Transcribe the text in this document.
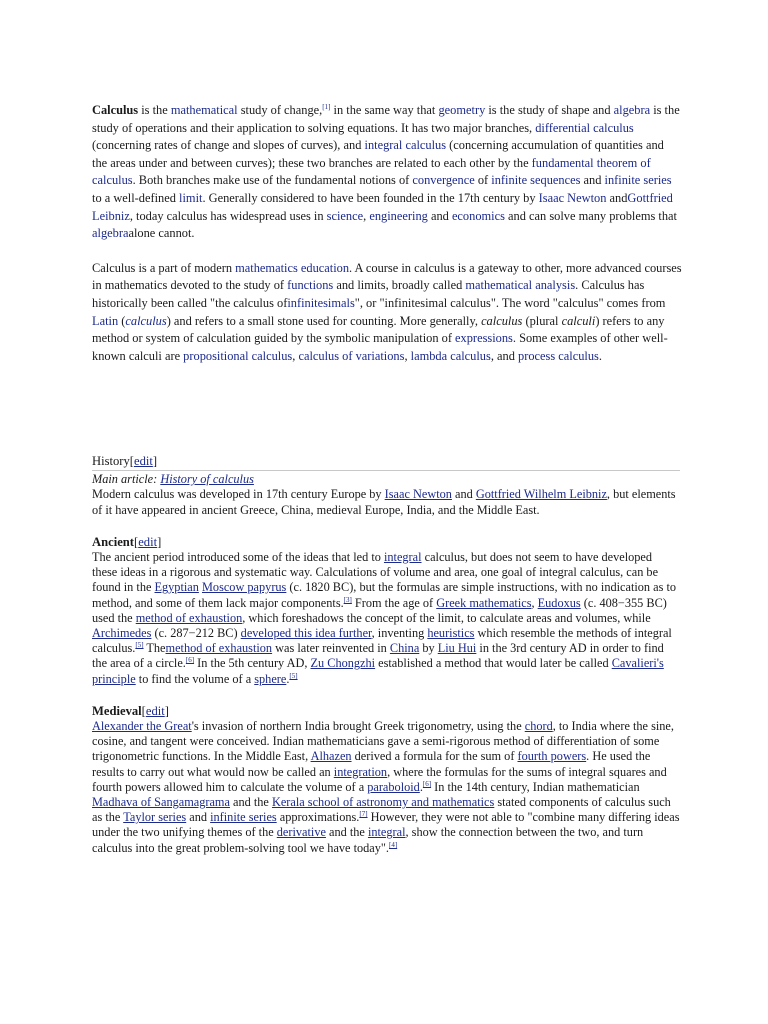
Calculus is the mathematical study of change,[1] in the same way that geometry is the study of shape and algebra is the study of operations and their application to solving equations. It has two major branches, differential calculus (concerning rates of change and slopes of curves), and integral calculus (concerning accumulation of quantities and the areas under and between curves); these two branches are related to each other by the fundamental theorem of calculus. Both branches make use of the fundamental notions of convergence of infinite sequences and infinite series to a well-defined limit. Generally considered to have been founded in the 17th century by Isaac Newton andGottfried Leibniz, today calculus has widespread uses in science, engineering and economics and can solve many problems that algebraalone cannot.

Calculus is a part of modern mathematics education. A course in calculus is a gateway to other, more advanced courses in mathematics devoted to the study of functions and limits, broadly called mathematical analysis. Calculus has historically been called "the calculus ofinfinitesimals", or "infinitesimal calculus". The word "calculus" comes from Latin (calculus) and refers to a small stone used for counting. More generally, calculus (plural calculi) refers to any method or system of calculation guided by the symbolic manipulation of expressions. Some examples of other well-known calculi are propositional calculus, calculus of variations, lambda calculus, and process calculus.

History[edit]
Main article: History of calculus

Modern calculus was developed in 17th century Europe by Isaac Newton and Gottfried Wilhelm Leibniz, but elements of it have appeared in ancient Greece, China, medieval Europe, India, and the Middle East.

Ancient[edit]

The ancient period introduced some of the ideas that led to integral calculus, but does not seem to have developed these ideas in a rigorous and systematic way. Calculations of volume and area, one goal of integral calculus, can be found in the Egyptian Moscow papyrus (c. 1820 BC), but the formulas are simple instructions, with no indication as to method, and some of them lack major components.[3] From the age of Greek mathematics, Eudoxus (c. 408−355 BC) used the method of exhaustion, which foreshadows the concept of the limit, to calculate areas and volumes, while Archimedes (c. 287−212 BC) developed this idea further, inventing heuristics which resemble the methods of integral calculus.[5] Themethod of exhaustion was later reinvented in China by Liu Hui in the 3rd century AD in order to find the area of a circle.[6] In the 5th century AD, Zu Chongzhi established a method that would later be called Cavalieri's principle to find the volume of a sphere.[5]

Medieval[edit]

Alexander the Great's invasion of northern India brought Greek trigonometry, using the chord, to India where the sine, cosine, and tangent were conceived. Indian mathematicians gave a semi-rigorous method of differentiation of some trigonometric functions. In the Middle East, Alhazen derived a formula for the sum of fourth powers. He used the results to carry out what would now be called an integration, where the formulas for the sums of integral squares and fourth powers allowed him to calculate the volume of a paraboloid.[6] In the 14th century, Indian mathematician Madhava of Sangamagrama and the Kerala school of astronomy and mathematics stated components of calculus such as the Taylor series and infinite series approximations.[7] However, they were not able to "combine many differing ideas under the two unifying themes of the derivative and the integral, show the connection between the two, and turn calculus into the great problem-solving tool we have today".[4]
